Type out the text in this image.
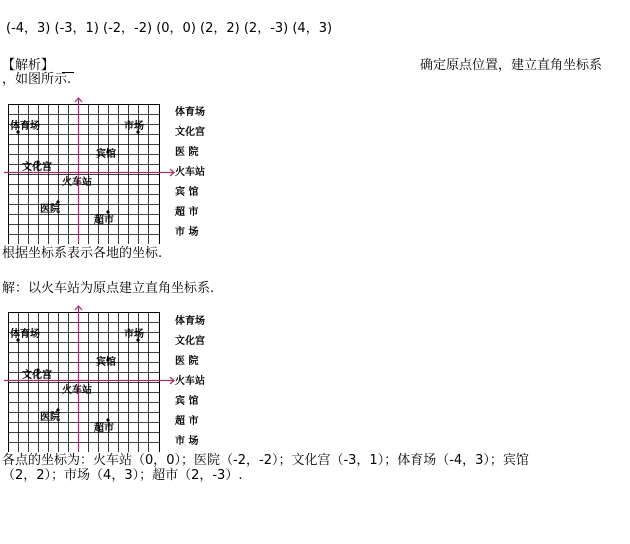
(-4，3) (-3，1) (-2，-2) (0，0) (2，2) (2，-3) (4，3)
【解析】	确定原点位置，建立直角坐标系
，如图所示.
体育场	市场
宾馆
文化宫
火车站
医院
超市
体育场
文化宫
医 院
火车站
宾 馆
超 市
市 场
根据坐标系表示各地的坐标.
解：以火车站为原点建立直角坐标系.
体育场	市场
宾馆
文化宫
火车站
医院
超市
体育场
文化宫
医 院
火车站
宾 馆
超 市
市 场
各点的坐标为：火车站（0，0）；医院（-2，-2）；文化宫（-3，1）；体育场（-4，3）；宾馆
（2，2）；市场（4，3）；超市（2，-3）.
